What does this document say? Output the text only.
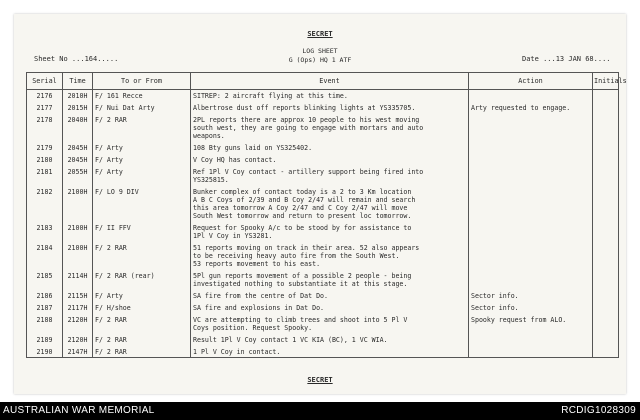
SECRET
Sheet No ...164.....
LOG SHEET
G (Ops) HQ 1 ATF	Date ...13 JAN 68....
Serial	Time	To or From	Event	Action	Initials
2176	2010H	F/ 161 Recce	SITREP: 2 aircraft flying at this time.		
2177	2015H	F/ Nui Dat Arty	Albertrose dust off reports blinking lights at YS335705.	Arty requested to engage.	
2178	2040H	F/ 2 RAR	2PL reports there are approx 10 people to his west moving
south west, they are going to engage with mortars and auto
weapons.		
2179	2045H	F/ Arty	108 Bty guns laid on YS325402.		
2180	2045H	F/ Arty	V Coy HQ has contact.		
2181	2055H	F/ Arty	Ref 1Pl V Coy contact - artillery support being fired into
YS325815.		
2182	2100H	F/ LO 9 DIV	Bunker complex of contact today is a 2 to 3 Km location
A B C Coys of 2/39 and B Coy 2/47 will remain and search
this area tomorrow A Coy 2/47 and C Coy 2/47 will move
South West tomorrow and return to present loc tomorrow.		
2183	2100H	F/ II FFV	Request for Spooky A/c to be stood by for assistance to
1Pl V Coy in YS3281.		
2184	2100H	F/ 2 RAR	51 reports moving on track in their area. 52 also appears
to be receiving heavy auto fire from the South West.
53 reports movement to his east.		
2185	2114H	F/ 2 RAR (rear)	5Pl gun reports movement of a possible 2 people - being
investigated nothing to substantiate it at this stage.		
2186	2115H	F/ Arty	SA fire from the centre of Dat Do.	Sector info.	
2187	2117H	F/ H/shoe	SA fire and explosions in Dat Do.	Sector info.	
2188	2120H	F/ 2 RAR	VC are attempting to climb trees and shoot into 5 Pl V
Coys position. Request Spooky.	Spooky request from ALO.	
2189	2120H	F/ 2 RAR	Result 1Pl V Coy contact 1 VC KIA (BC), 1 VC WIA.		
2190	2147H	F/ 2 RAR	1 Pl V Coy in contact.		
SECRET
AUSTRALIAN WAR MEMORIAL	RCDIG1028309
